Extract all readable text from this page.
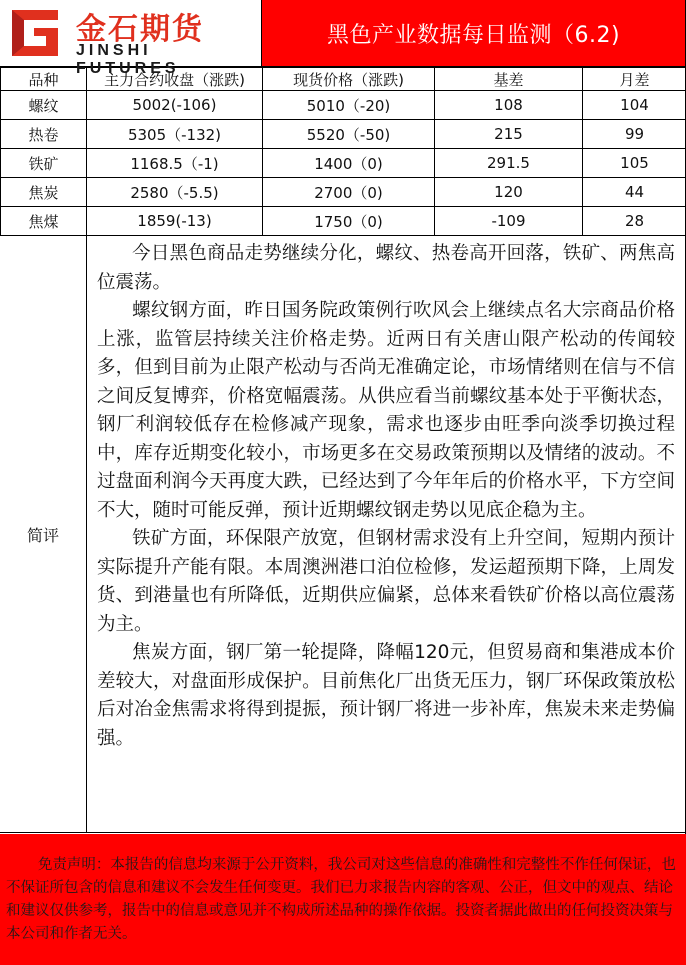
金石期货
JINSHI FUTURES
黑色产业数据每日监测（6.2)
品种	主力合约收盘（涨跌)	现货价格（涨跌)	基差	月差
螺纹	5002(-106)	5010（-20)	108	104
热卷	5305（-132)	5520（-50)	215	99
铁矿	1168.5（-1)	1400（0)	291.5	105
焦炭	2580（-5.5)	2700（0)	120	44
焦煤	1859(-13)	1750（0)	-109	28
简评

今日黑色商品走势继续分化，螺纹、热卷高开回落，铁矿、两焦高位震荡。

螺纹钢方面，昨日国务院政策例行吹风会上继续点名大宗商品价格上涨，监管层持续关注价格走势。近两日有关唐山限产松动的传闻较多，但到目前为止限产松动与否尚无准确定论，市场情绪则在信与不信之间反复博弈，价格宽幅震荡。从供应看当前螺纹基本处于平衡状态，钢厂利润较低存在检修减产现象，需求也逐步由旺季向淡季切换过程中，库存近期变化较小，市场更多在交易政策预期以及情绪的波动。不过盘面利润今天再度大跌，已经达到了今年年后的价格水平，下方空间不大，随时可能反弹，预计近期螺纹钢走势以见底企稳为主。

铁矿方面，环保限产放宽，但钢材需求没有上升空间，短期内预计实际提升产能有限。本周澳洲港口泊位检修，发运超预期下降，上周发货、到港量也有所降低，近期供应偏紧，总体来看铁矿价格以高位震荡为主。

焦炭方面，钢厂第一轮提降，降幅120元，但贸易商和集港成本价差较大，对盘面形成保护。目前焦化厂出货无压力，钢厂环保政策放松后对冶金焦需求将得到提振，预计钢厂将进一步补库，焦炭未来走势偏强。

免责声明：本报告的信息均来源于公开资料，我公司对这些信息的准确性和完整性不作任何保证，也不保证所包含的信息和建议不会发生任何变更。我们已力求报告内容的客观、公正，但文中的观点、结论和建议仅供参考，报告中的信息或意见并不构成所述品种的操作依据。投资者据此做出的任何投资决策与本公司和作者无关。
